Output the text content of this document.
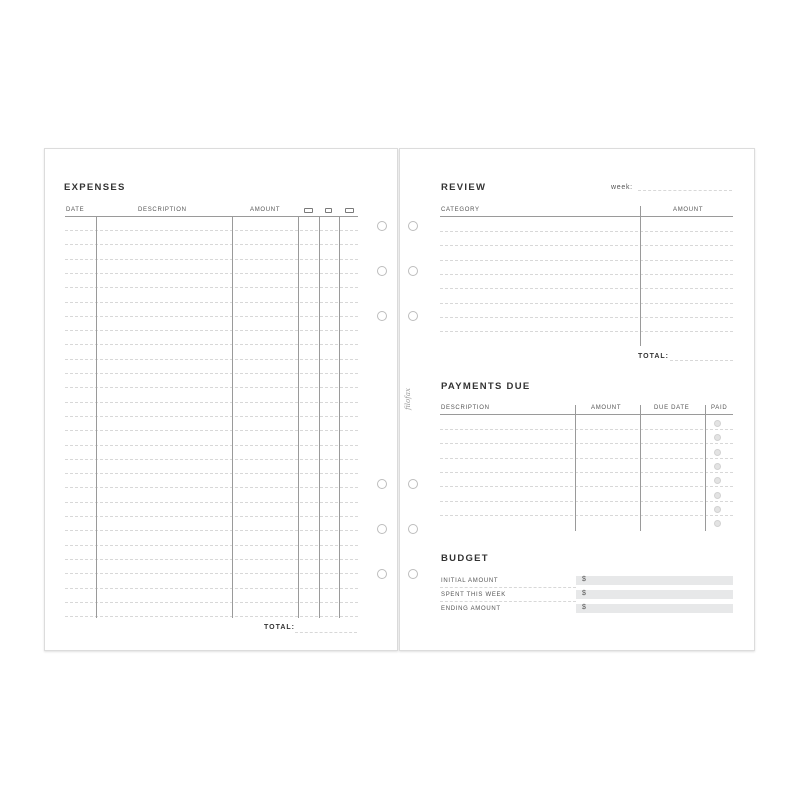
EXPENSES
DATE	DESCRIPTION	AMOUNT
TOTAL:
REVIEW	week:
CATEGORY	AMOUNT
TOTAL:
PAYMENTS DUE
DESCRIPTION	AMOUNT	DUE DATE	PAID
BUDGET
INITIAL AMOUNT	$
SPENT THIS WEEK	$
ENDING AMOUNT	$
filofax
